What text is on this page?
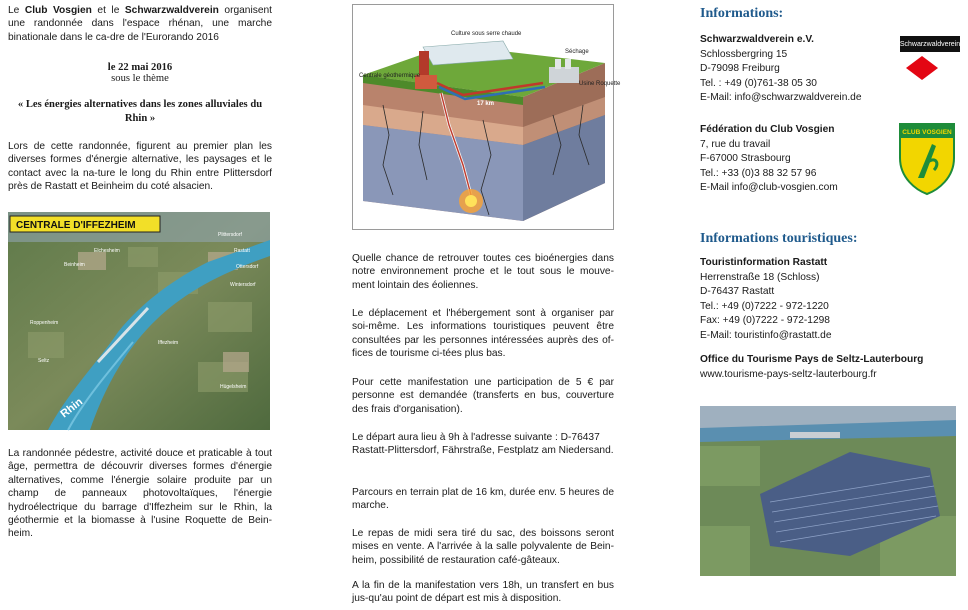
Le Club Vosgien et le Schwarzwaldverein organisent une randonnée dans l'espace rhénan, une marche binationale dans le ca-dre de l'Eurorando 2016

le 22 mai 2016
sous le thème
« Les énergies alternatives dans les zones alluviales du Rhin »

Lors de cette randonnée, figurent au premier plan les diverses formes d'énergie alternative, les paysages et le contact avec la na-ture le long du Rhin entre Plittersdorf près de Rastatt et Beinheim du coté alsacien.

CENTRALE D'IFFEZHEIM
Rhin
Iffezheim
Beinheim
Plittersdorf
Rastatt
Ottersdorf
Wintersdorf
Roppenheim
Seltz
Hügelsheim
Elchesheim

La randonnée pédestre, activité douce et praticable à tout âge, permettra de découvrir diverses formes d'énergie alternatives, comme l'énergie solaire produite par un champ de panneaux photovoltaïques, l'énergie hydroélectrique du barrage d'Iffezheim sur le Rhin, la géothermie et la biomasse à l'usine Roquette de Bein-heim.

Culture sous serre chaude
Centrale géothermique
Séchage
Usine Roquette
17 km

Quelle chance de retrouver toutes ces bioénergies dans notre environnement proche et le tout sous le mouve-ment lointain des éoliennes.

Le déplacement et l'hébergement sont à organiser par soi-même. Les informations touristiques peuvent être consultées par les personnes intéressées auprès des of-fices de tourisme ci-tées plus bas.

Pour cette manifestation une participation de 5 € par personne est demandée (transferts en bus, couverture des frais d'organisation).

Le départ aura lieu à 9h à l'adresse suivante : D-76437 Rastatt-Plittersdorf, Fährstraße, Festplatz am Niedersand.

Parcours en terrain plat de 16 km, durée env. 5 heures de marche.

Le repas de midi sera tiré du sac, des boissons seront mises en vente. A l'arrivée à la salle polyvalente de Bein-heim, possibilité de restauration café-gâteaux.

A la fin de la manifestation vers 18h, un transfert en bus jus-qu'au point de départ est mis à disposition.

Informations:
Schwarzwaldverein e.V.
Schlossbergring 15
D-79098 Freiburg
Tel. : +49 (0)761-38 05 30
E-Mail: info@schwarzwaldverein.de
Schwarzwaldverein
Fédération du Club Vosgien
7, rue du travail
F-67000 Strasbourg
Tel.: +33 (0)3 88 32 57 96
E-Mail info@club-vosgien.com
CLUB VOSGIEN
Informations touristiques:
Touristinformation Rastatt
Herrenstraße 18 (Schloss)
D-76437 Rastatt
Tel.: +49 (0)7222 - 972-1220
Fax: +49 (0)7222 - 972-1298
E-Mail: touristinfo@rastatt.de
Office du Tourisme Pays de Seltz-Lauterbourg
www.tourisme-pays-seltz-lauterbourg.fr
